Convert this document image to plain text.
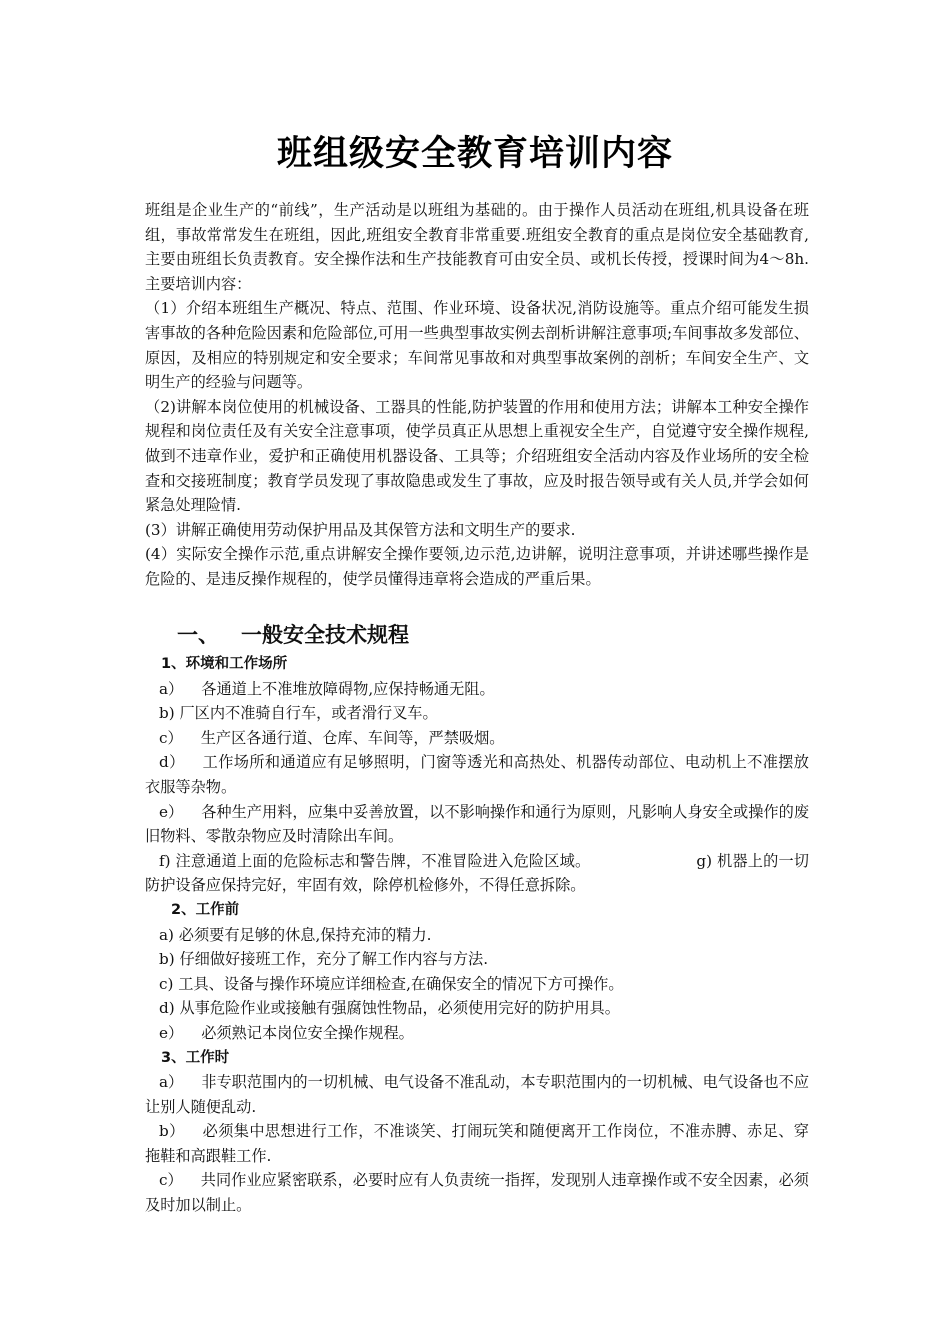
班组级安全教育培训内容

班组是企业生产的“前线”，生产活动是以班组为基础的。由于操作人员活动在班组,机具设备在班组，事故常常发生在班组，因此,班组安全教育非常重要.班组安全教育的重点是岗位安全基础教育,主要由班组长负责教育。安全操作法和生产技能教育可由安全员、或机长传授，授课时间为4～8h. 主要培训内容：

（1）介绍本班组生产概况、特点、范围、作业环境、设备状况,消防设施等。重点介绍可能发生损害事故的各种危险因素和危险部位,可用一些典型事故实例去剖析讲解注意事项;车间事故多发部位、原因，及相应的特别规定和安全要求；车间常见事故和对典型事故案例的剖析；车间安全生产、文明生产的经验与问题等。

（2)讲解本岗位使用的机械设备、工器具的性能,防护装置的作用和使用方法；讲解本工种安全操作规程和岗位责任及有关安全注意事项，使学员真正从思想上重视安全生产，自觉遵守安全操作规程,做到不违章作业，爱护和正确使用机器设备、工具等；介绍班组安全活动内容及作业场所的安全检查和交接班制度；教育学员发现了事故隐患或发生了事故，应及时报告领导或有关人员,并学会如何紧急处理险情.

(3）讲解正确使用劳动保护用品及其保管方法和文明生产的要求.

(4）实际安全操作示范,重点讲解安全操作要领,边示范,边讲解，说明注意事项，并讲述哪些操作是危险的、是违反操作规程的，使学员懂得违章将会造成的严重后果。

一、 一般安全技术规程
1、环境和工作场所

a） 各通道上不准堆放障碍物,应保持畅通无阻。

b) 厂区内不准骑自行车，或者滑行叉车。

c） 生产区各通行道、仓库、车间等，严禁吸烟。

d） 工作场所和通道应有足够照明，门窗等透光和高热处、机器传动部位、电动机上不准摆放衣服等杂物。

e） 各种生产用料，应集中妥善放置，以不影响操作和通行为原则，凡影响人身安全或操作的废旧物料、零散杂物应及时清除出车间。

f) 注意通道上面的危险标志和警告牌，不准冒险进入危险区域。	g) 机器上的一切防护设备应保持完好，牢固有效，除停机检修外，不得任意拆除。

2、工作前

a) 必须要有足够的休息,保持充沛的精力.

b) 仔细做好接班工作，充分了解工作内容与方法.

c) 工具、设备与操作环境应详细检查,在确保安全的情况下方可操作。

d) 从事危险作业或接触有强腐蚀性物品，必须使用完好的防护用具。

e） 必须熟记本岗位安全操作规程。

3、工作时

a） 非专职范围内的一切机械、电气设备不准乱动，本专职范围内的一切机械、电气设备也不应让别人随便乱动.

b） 必须集中思想进行工作，不准谈笑、打闹玩笑和随便离开工作岗位，不准赤膊、赤足、穿拖鞋和高跟鞋工作.

c） 共同作业应紧密联系，必要时应有人负责统一指挥，发现别人违章操作或不安全因素，必须及时加以制止。
